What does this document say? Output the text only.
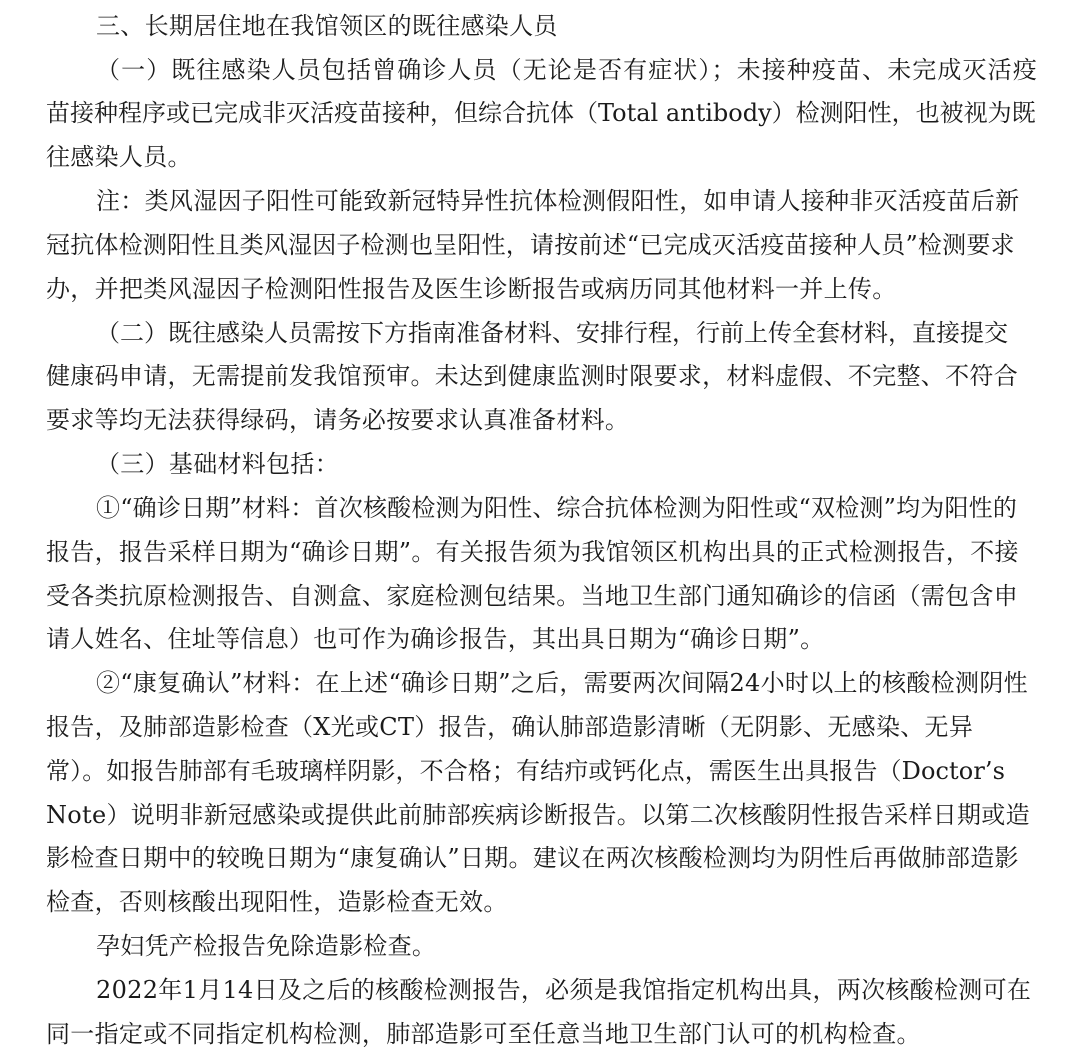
三、长期居住地在我馆领区的既往感染人员
（一）既往感染人员包括曾确诊人员（无论是否有症状）；未接种疫苗、未完成灭活疫
苗接种程序或已完成非灭活疫苗接种，但综合抗体（Total antibody）检测阳性，也被视为既
往感染人员。
注：类风湿因子阳性可能致新冠特异性抗体检测假阳性，如申请人接种非灭活疫苗后新
冠抗体检测阳性且类风湿因子检测也呈阳性，请按前述“已完成灭活疫苗接种人员”检测要求
办，并把类风湿因子检测阳性报告及医生诊断报告或病历同其他材料一并上传。
（二）既往感染人员需按下方指南准备材料、安排行程，行前上传全套材料，直接提交
健康码申请，无需提前发我馆预审。未达到健康监测时限要求，材料虚假、不完整、不符合
要求等均无法获得绿码，请务必按要求认真准备材料。
（三）基础材料包括：
①“确诊日期”材料：首次核酸检测为阳性、综合抗体检测为阳性或“双检测”均为阳性的
报告，报告采样日期为“确诊日期”。有关报告须为我馆领区机构出具的正式检测报告，不接
受各类抗原检测报告、自测盒、家庭检测包结果。当地卫生部门通知确诊的信函（需包含申
请人姓名、住址等信息）也可作为确诊报告，其出具日期为“确诊日期”。
②“康复确认”材料：在上述“确诊日期”之后，需要两次间隔24小时以上的核酸检测阴性
报告，及肺部造影检查（X光或CT）报告，确认肺部造影清晰（无阴影、无感染、无异
常）。如报告肺部有毛玻璃样阴影，不合格；有结疖或钙化点，需医生出具报告（Doctor’s
Note）说明非新冠感染或提供此前肺部疾病诊断报告。以第二次核酸阴性报告采样日期或造
影检查日期中的较晚日期为“康复确认”日期。建议在两次核酸检测均为阴性后再做肺部造影
检查，否则核酸出现阳性，造影检查无效。
孕妇凭产检报告免除造影检查。
2022年1月14日及之后的核酸检测报告，必须是我馆指定机构出具，两次核酸检测可在
同一指定或不同指定机构检测，肺部造影可至任意当地卫生部门认可的机构检查。
